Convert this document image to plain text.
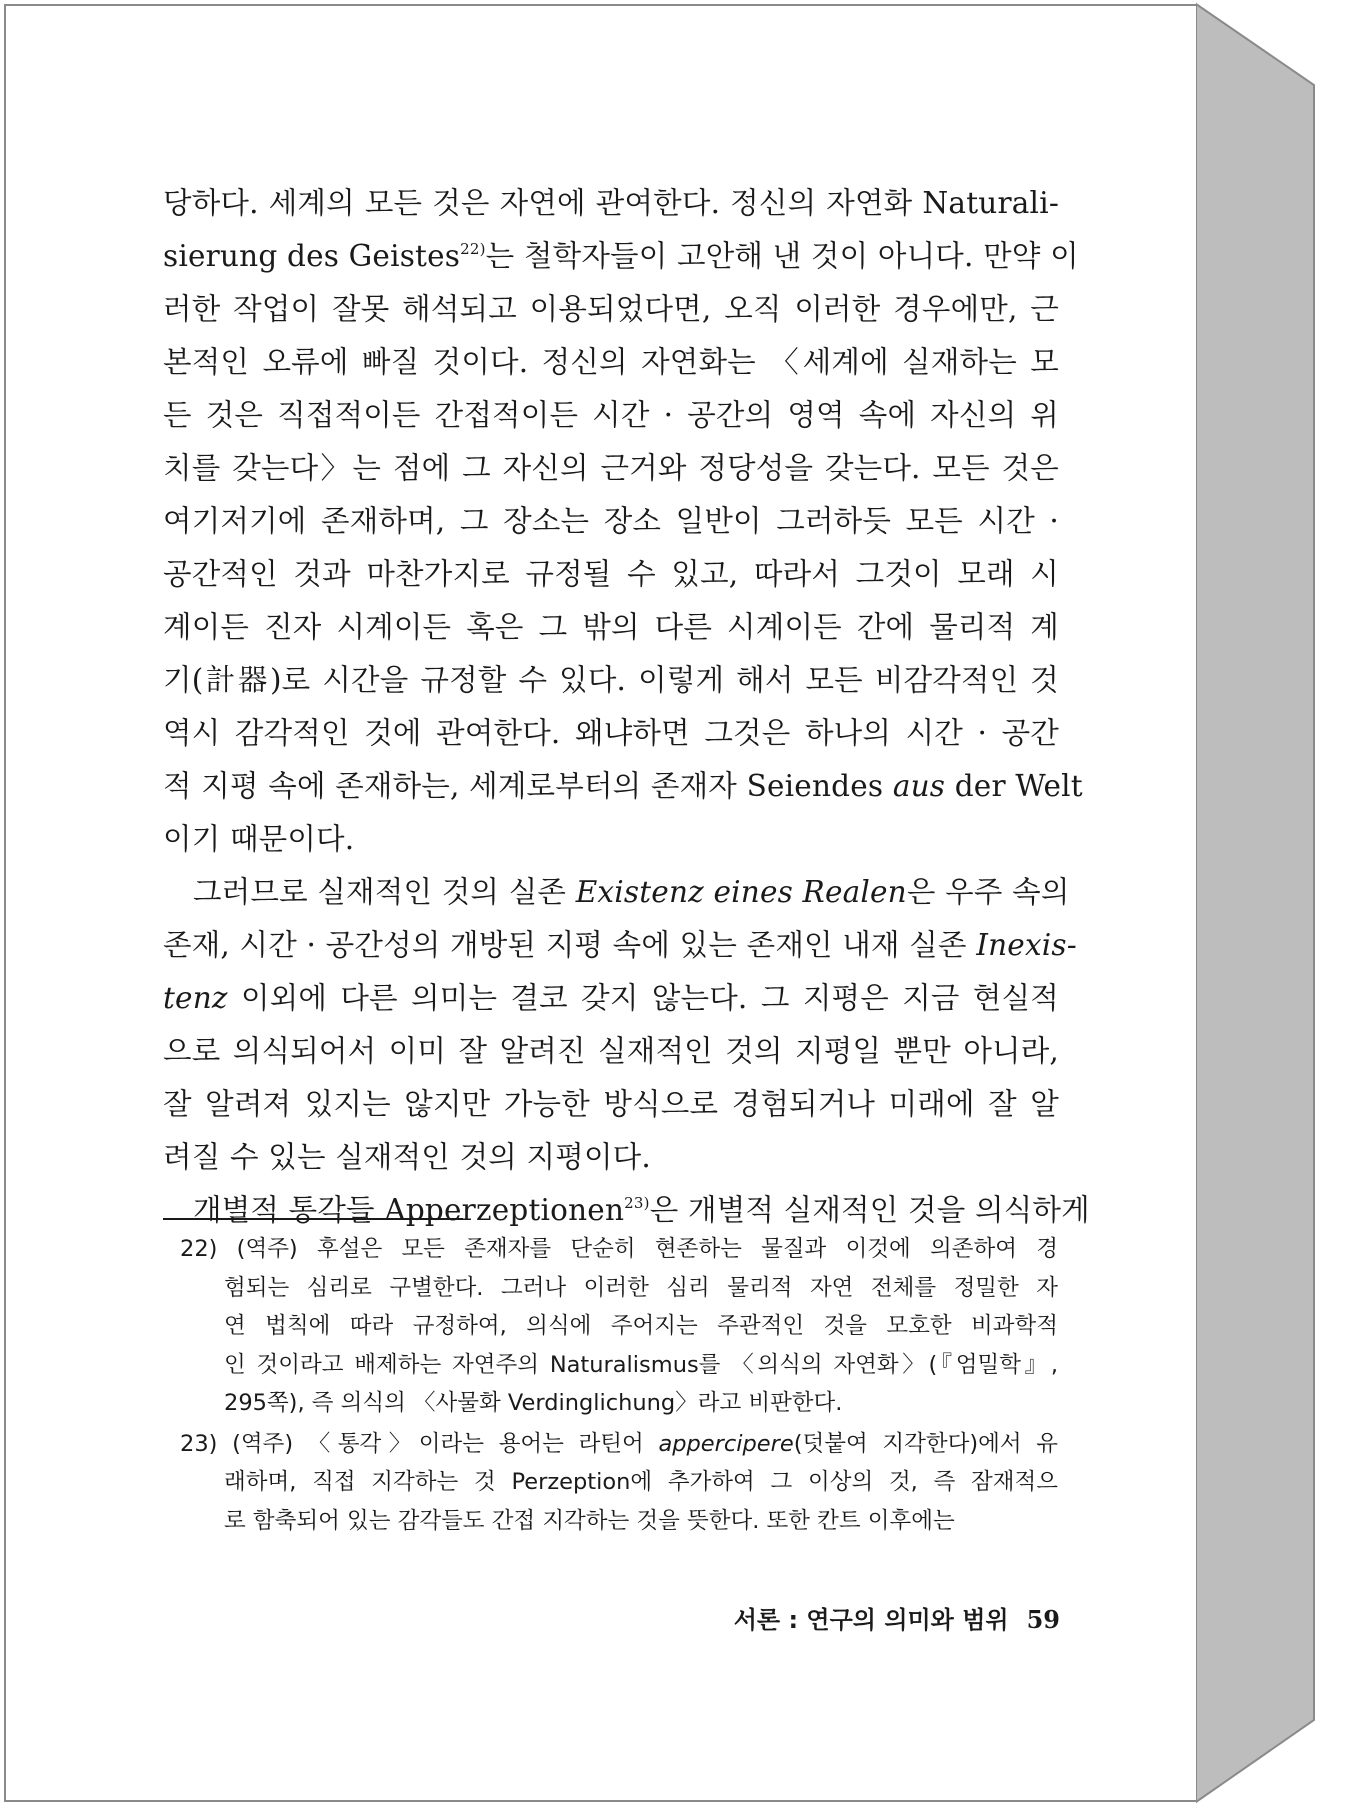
당하다. 세계의 모든 것은 자연에 관여한다. 정신의 자연화 Naturali-
sierung des Geistes$^{22)}$는 철학자들이 고안해 낸 것이 아니다. 만약 이
러한 작업이 잘못 해석되고 이용되었다면, 오직 이러한 경우에만, 근
본적인 오류에 빠질 것이다. 정신의 자연화는 〈세계에 실재하는 모
든 것은 직접적이든 간접적이든 시간 · 공간의 영역 속에 자신의 위
치를 갖는다〉는 점에 그 자신의 근거와 정당성을 갖는다. 모든 것은
여기저기에 존재하며, 그 장소는 장소 일반이 그러하듯 모든 시간 ·
공간적인 것과 마찬가지로 규정될 수 있고, 따라서 그것이 모래 시
계이든 진자 시계이든 혹은 그 밖의 다른 시계이든 간에 물리적 계
기(計器)로 시간을 규정할 수 있다. 이렇게 해서 모든 비감각적인 것
역시 감각적인 것에 관여한다. 왜냐하면 그것은 하나의 시간 · 공간
적 지평 속에 존재하는, 세계로부터의 존재자 Seiendes aus der Welt
이기 때문이다.
그러므로 실재적인 것의 실존 Existenz eines Realen은 우주 속의
존재, 시간 · 공간성의 개방된 지평 속에 있는 존재인 내재 실존 Inexis-
tenz 이외에 다른 의미는 결코 갖지 않는다. 그 지평은 지금 현실적
으로 의식되어서 이미 잘 알려진 실재적인 것의 지평일 뿐만 아니라,
잘 알려져 있지는 않지만 가능한 방식으로 경험되거나 미래에 잘 알
려질 수 있는 실재적인 것의 지평이다.
개별적 통각들 Apperzeptionen$^{23)}$은 개별적 실재적인 것을 의식하게
22) (역주) 후설은 모든 존재자를 단순히 현존하는 물질과 이것에 의존하여 경
험되는 심리로 구별한다. 그러나 이러한 심리 물리적 자연 전체를 정밀한 자
연 법칙에 따라 규정하여, 의식에 주어지는 주관적인 것을 모호한 비과학적
인 것이라고 배제하는 자연주의 Naturalismus를 〈의식의 자연화〉(『엄밀학』,
295쪽), 즉 의식의 〈사물화 Verdinglichung〉라고 비판한다.
23) (역주) 〈통각〉이라는 용어는 라틴어 appercipere(덧붙여 지각한다)에서 유
래하며, 직접 지각하는 것 Perzeption에 추가하여 그 이상의 것, 즉 잠재적으
로 함축되어 있는 감각들도 간접 지각하는 것을 뜻한다. 또한 칸트 이후에는
서론 : 연구의 의미와 범위 59
